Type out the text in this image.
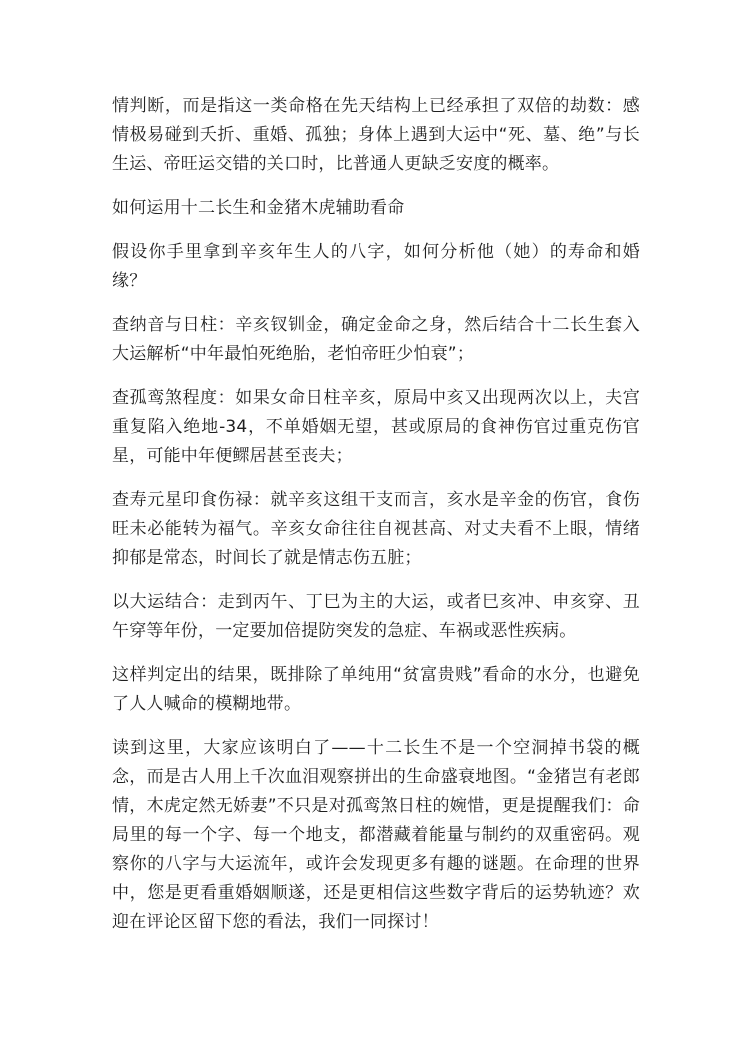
情判断，而是指这一类命格在先天结构上已经承担了双倍的劫数：感情极易碰到夭折、重婚、孤独；身体上遇到大运中“死、墓、绝”与长生运、帝旺运交错的关口时，比普通人更缺乏安度的概率。

如何运用十二长生和金猪木虎辅助看命

假设你手里拿到辛亥年生人的八字，如何分析他（她）的寿命和婚缘？

查纳音与日柱：辛亥钗钏金，确定金命之身，然后结合十二长生套入大运解析“中年最怕死绝胎，老怕帝旺少怕衰”；

查孤鸾煞程度：如果女命日柱辛亥，原局中亥又出现两次以上，夫宫重复陷入绝地-34，不单婚姻无望，甚或原局的食神伤官过重克伤官星，可能中年便鳏居甚至丧夫；

查寿元星印食伤禄：就辛亥这组干支而言，亥水是辛金的伤官，食伤旺未必能转为福气。辛亥女命往往自视甚高、对丈夫看不上眼，情绪抑郁是常态，时间长了就是情志伤五脏；

以大运结合：走到丙午、丁巳为主的大运，或者巳亥冲、申亥穿、丑午穿等年份，一定要加倍提防突发的急症、车祸或恶性疾病。

这样判定出的结果，既排除了单纯用“贫富贵贱”看命的水分，也避免了人人喊命的模糊地带。

读到这里，大家应该明白了——十二长生不是一个空洞掉书袋的概念，而是古人用上千次血泪观察拼出的生命盛衰地图。“金猪岂有老郎情，木虎定然无娇妻”不只是对孤鸾煞日柱的婉惜，更是提醒我们：命局里的每一个字、每一个地支，都潜藏着能量与制约的双重密码。观察你的八字与大运流年，或许会发现更多有趣的谜题。在命理的世界中，您是更看重婚姻顺遂，还是更相信这些数字背后的运势轨迹？欢迎在评论区留下您的看法，我们一同探讨！
